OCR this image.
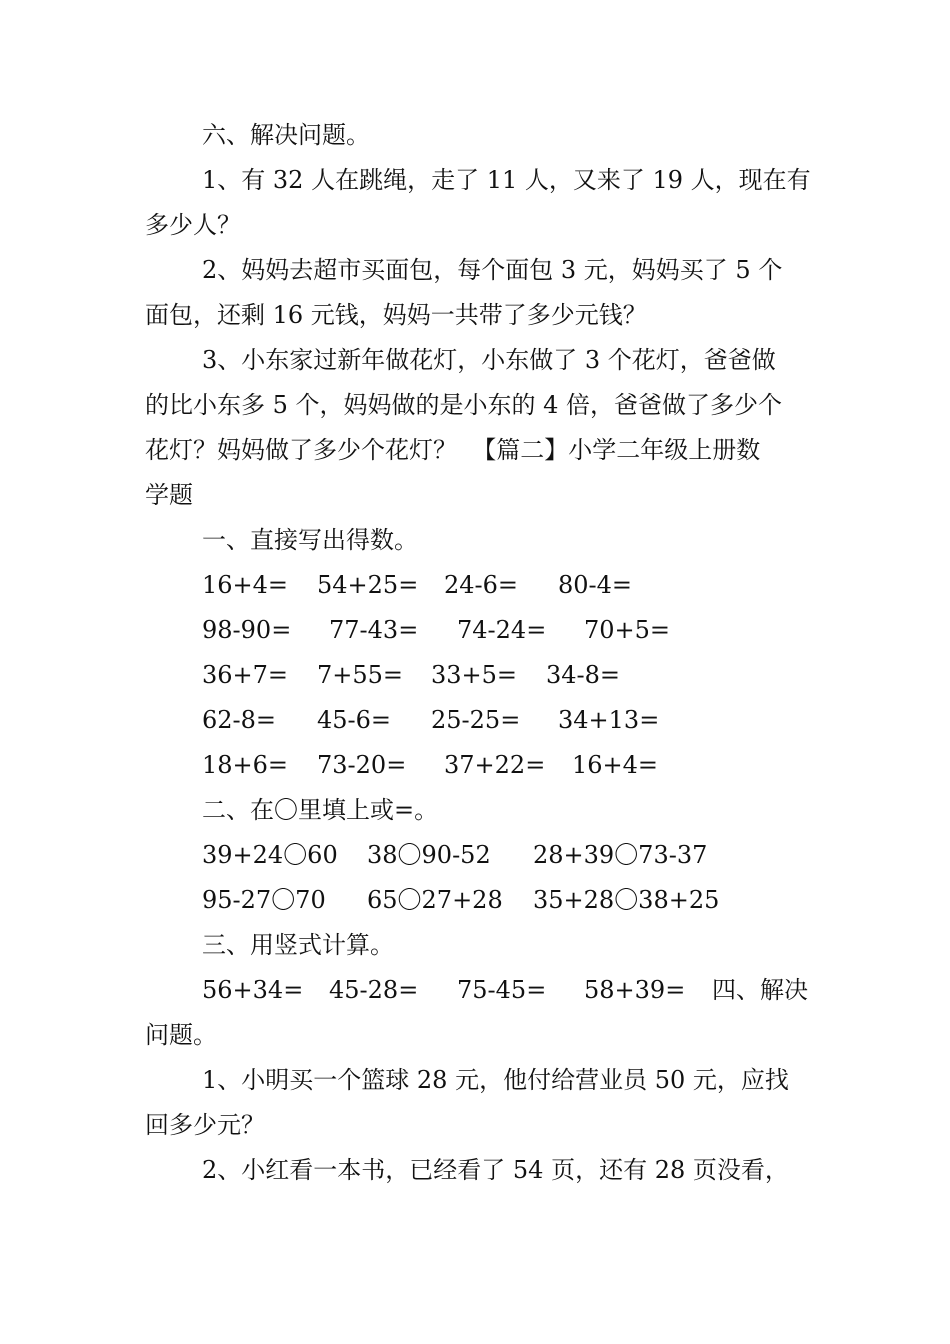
六、解决问题。
1、有 32 人在跳绳，走了 11 人，又来了 19 人，现在有
多少人？
2、妈妈去超市买面包，每个面包 3 元，妈妈买了 5 个
面包，还剩 16 元钱，妈妈一共带了多少元钱？
3、小东家过新年做花灯，小东做了 3 个花灯，爸爸做
的比小东多 5 个，妈妈做的是小东的 4 倍，爸爸做了多少个
花灯？妈妈做了多少个花灯？  【篇二】小学二年级上册数
学题
一、直接写出得数。

16+4=

54+25=

24-6=

80-4=

98-90=

77-43=

74-24=

70+5=

36+7=

7+55=

33+5=

34-8=

62-8=

45-6=

25-25=

34+13=

18+6=

73-20=

37+22=

16+4=

二、在〇里填上或=。

39+24〇60

38〇90-52

28+39〇73-37

95-27〇70

65〇27+28

35+28〇38+25

三、用竖式计算。

56+34=

45-28=

75-45=

58+39=

四、解决

问题。
1、小明买一个篮球 28 元，他付给营业员 50 元，应找
回多少元？
2、小红看一本书，已经看了 54 页，还有 28 页没看，
